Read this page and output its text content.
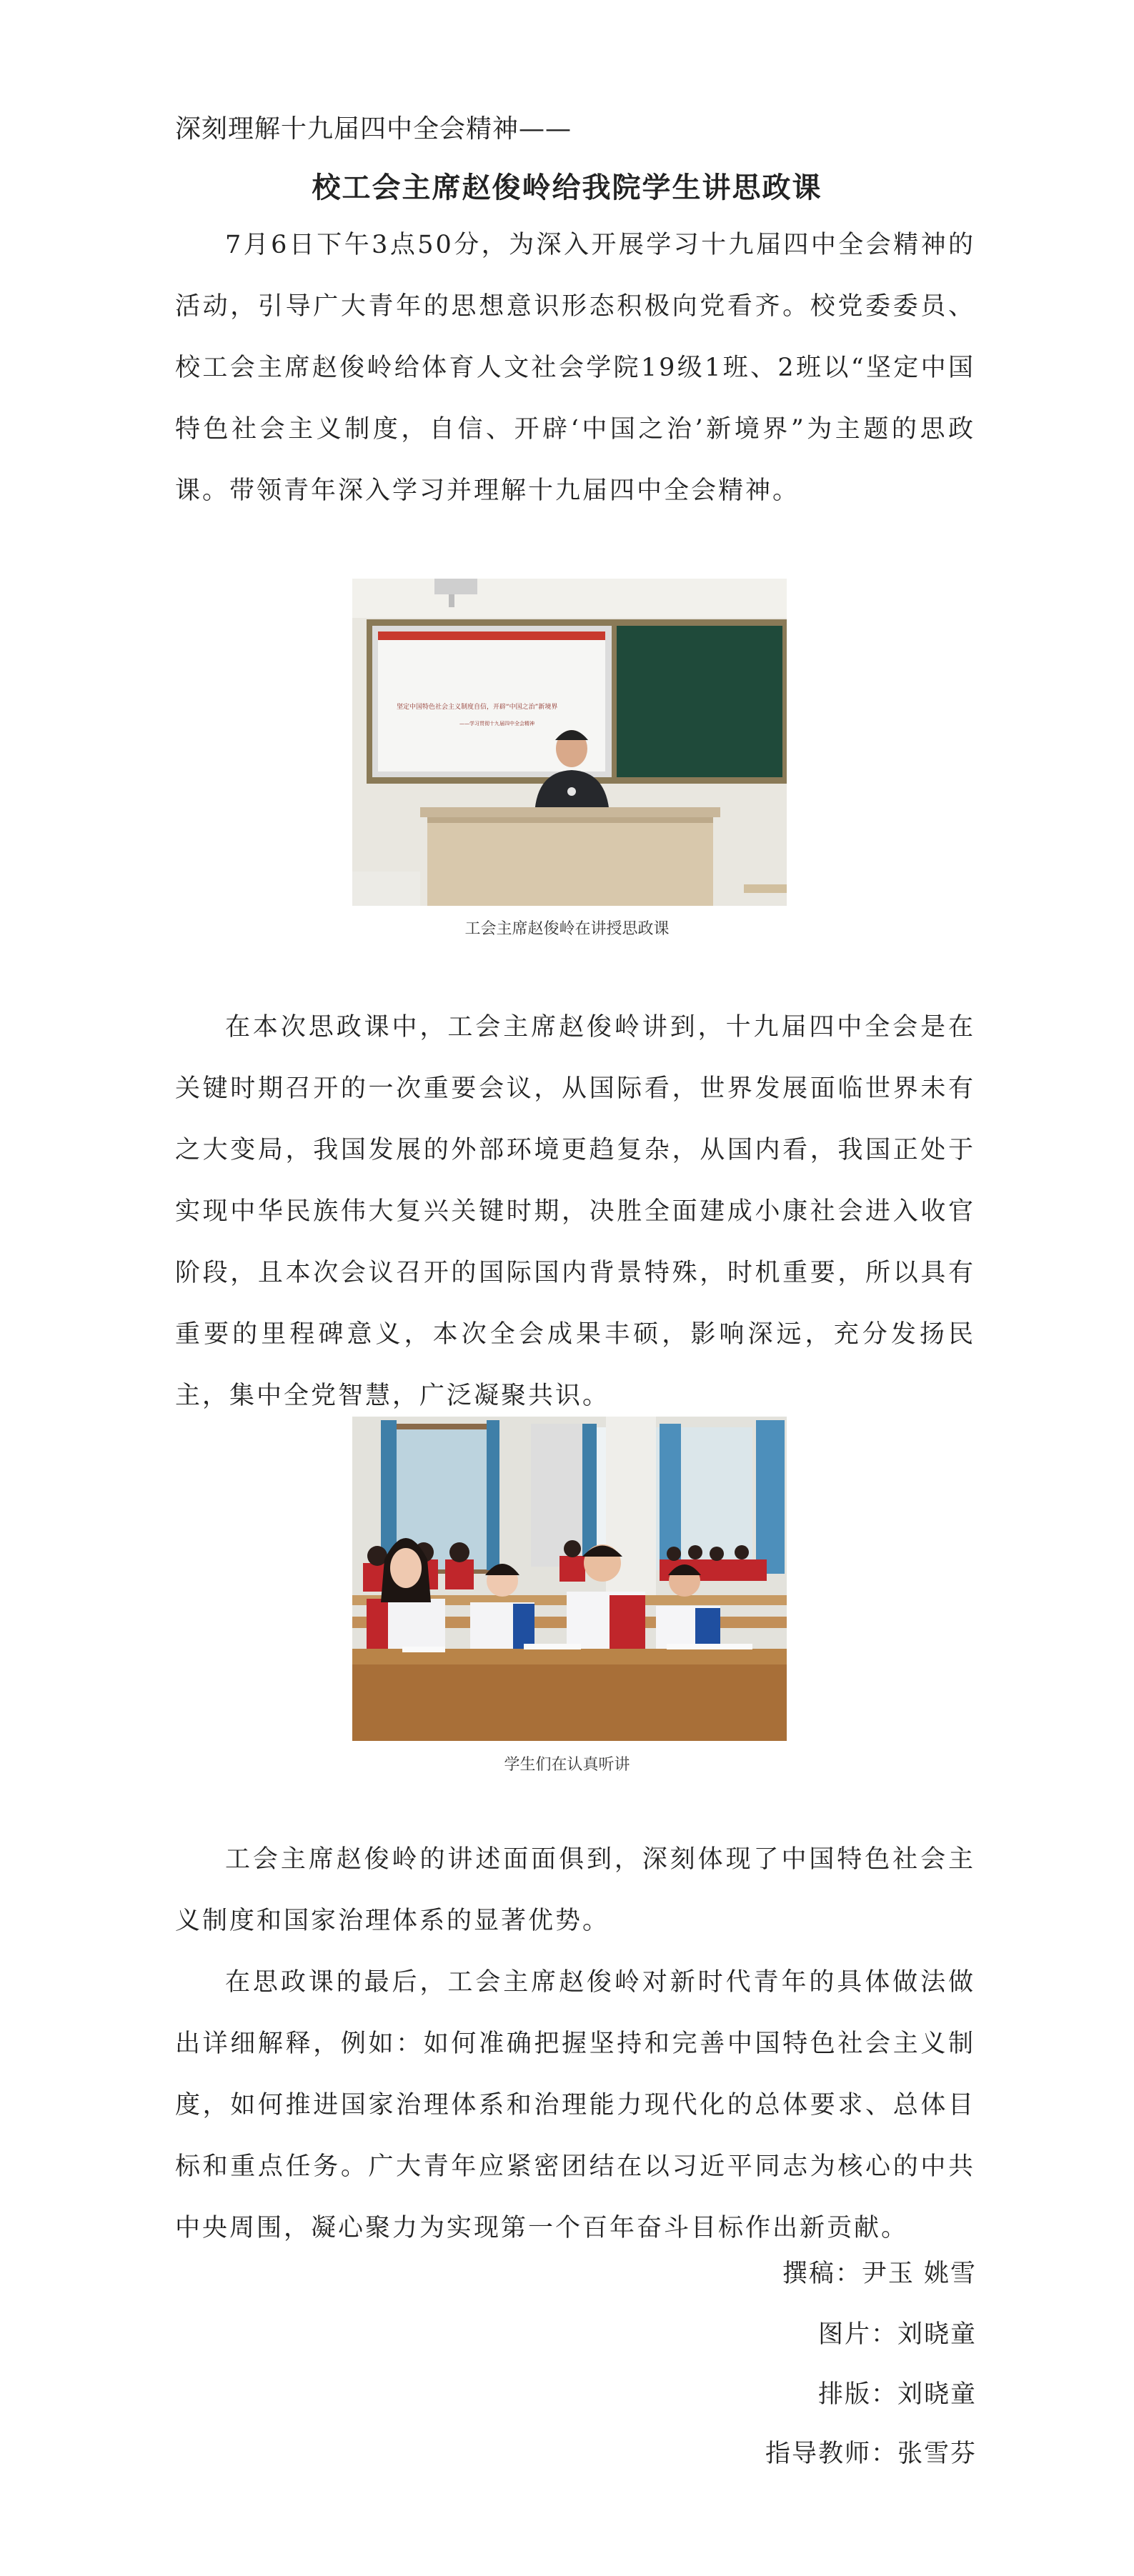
深刻理解十九届四中全会精神——
校工会主席赵俊岭给我院学生讲思政课

7月6日下午3点50分，为深入开展学习十九届四中全会精神的活动，引导广大青年的思想意识形态积极向党看齐。校党委委员、校工会主席赵俊岭给体育人文社会学院19级1班、2班以“坚定中国特色社会主义制度，自信、开辟‘中国之治’新境界”为主题的思政课。带领青年深入学习并理解十九届四中全会精神。

坚定中国特色社会主义制度自信，开辟“中国之治”新境界
——学习贯彻十九届四中全会精神
工会主席赵俊岭在讲授思政课

在本次思政课中，工会主席赵俊岭讲到，十九届四中全会是在关键时期召开的一次重要会议，从国际看，世界发展面临世界未有之大变局，我国发展的外部环境更趋复杂，从国内看，我国正处于实现中华民族伟大复兴关键时期，决胜全面建成小康社会进入收官阶段，且本次会议召开的国际国内背景特殊，时机重要，所以具有重要的里程碑意义，本次全会成果丰硕，影响深远，充分发扬民主，集中全党智慧，广泛凝聚共识。

学生们在认真听讲

工会主席赵俊岭的讲述面面俱到，深刻体现了中国特色社会主义制度和国家治理体系的显著优势。

在思政课的最后，工会主席赵俊岭对新时代青年的具体做法做出详细解释，例如：如何准确把握坚持和完善中国特色社会主义制度，如何推进国家治理体系和治理能力现代化的总体要求、总体目标和重点任务。广大青年应紧密团结在以习近平同志为核心的中共中央周围，凝心聚力为实现第一个百年奋斗目标作出新贡献。

撰稿：尹玉 姚雪
图片：刘晓童
排版：刘晓童
指导教师：张雪芬
